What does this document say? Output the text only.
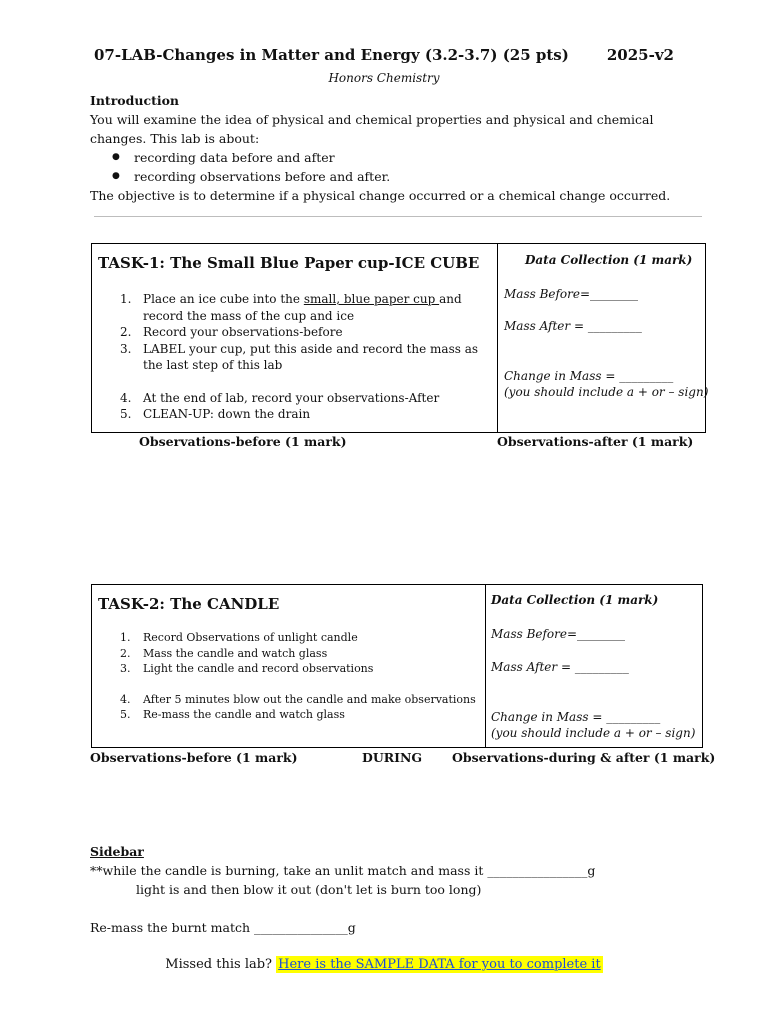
07-LAB-Changes in Matter and Energy (3.2-3.7) (25 pts)	2025-v2
Honors Chemistry
Introduction

You will examine the idea of physical and chemical properties and physical and chemical changes. This lab is about:

● recording data before and after
● recording observations before and after.

The objective is to determine if a physical change occurred or a chemical change occurred.

TASK-1: The Small Blue Paper cup-ICE CUBE
1. Place an ice cube into the small, blue paper cup and record the mass of the cup and ice
2. Record your observations-before
3. LABEL your cup, put this aside and record the mass as the last step of this lab
4. At the end of lab, record your observations-After
5. CLEAN-UP: down the drain
Data Collection (1 mark)
Mass Before=________
Mass After = _________
Change in Mass = _________
(you should include a + or – sign)
Observations-before (1 mark)	Observations-after (1 mark)
TASK-2: The CANDLE
1. Record Observations of unlight candle
2. Mass the candle and watch glass
3. Light the candle and record observations
4. After 5 minutes blow out the candle and make observations
5. Re-mass the candle and watch glass
Data Collection (1 mark)
Mass Before=________
Mass After = _________
Change in Mass = _________
(you should include a + or – sign)
Observations-before (1 mark)	DURING Observations-during & after (1 mark)
Sidebar
**while the candle is burning, take an unlit match and mass it ________________g
light is and then blow it out (don't let is burn too long)
Re-mass the burnt match _______________g
Missed this lab? Here is the SAMPLE DATA for you to complete it
